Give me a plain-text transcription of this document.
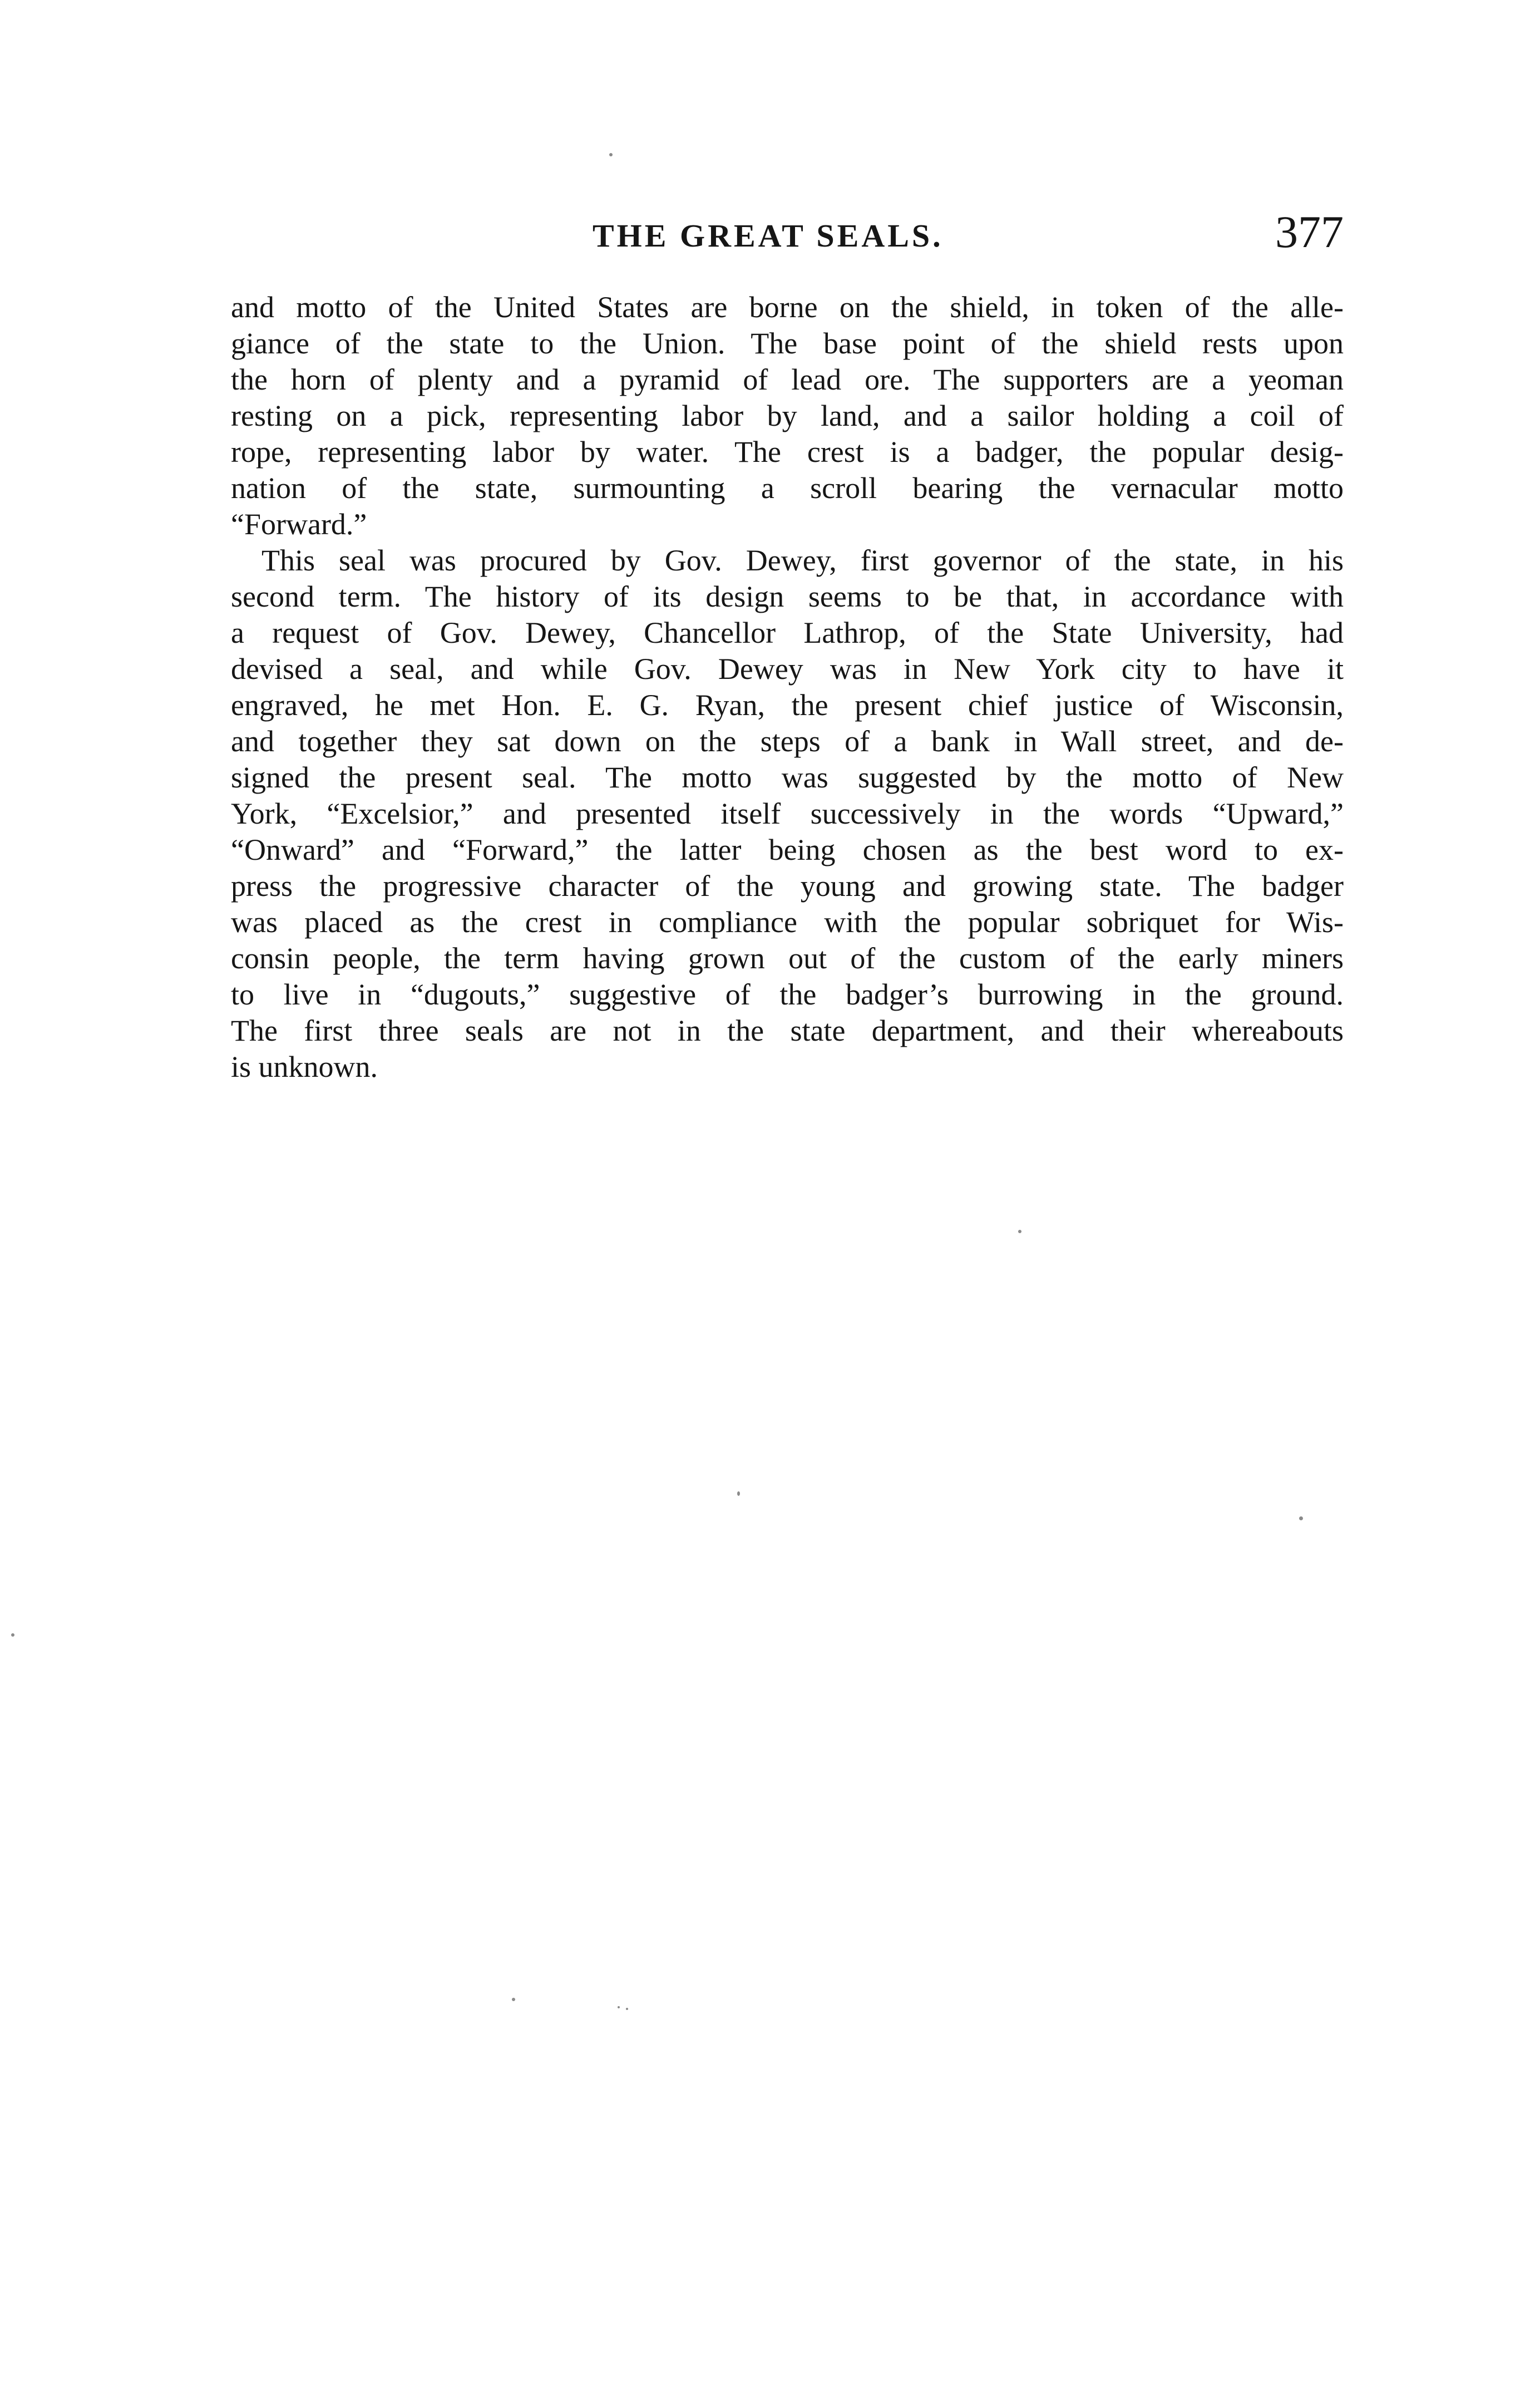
THE GREAT SEALS.	377
and motto of the United States are borne on the shield, in token of the alle-
giance of the state to the Union. The base point of the shield rests upon
the horn of plenty and a pyramid of lead ore. The supporters are a yeoman
resting on a pick, representing labor by land, and a sailor holding a coil of
rope, representing labor by water. The crest is a badger, the popular desig-
nation of the state, surmounting a scroll bearing the vernacular motto
“Forward.”
This seal was procured by Gov. Dewey, first governor of the state, in his
second term. The history of its design seems to be that, in accordance with
a request of Gov. Dewey, Chancellor Lathrop, of the State University, had
devised a seal, and while Gov. Dewey was in New York city to have it
engraved, he met Hon. E. G. Ryan, the present chief justice of Wisconsin,
and together they sat down on the steps of a bank in Wall street, and de-
signed the present seal. The motto was suggested by the motto of New
York, “Excelsior,” and presented itself successively in the words “Upward,”
“Onward” and “Forward,” the latter being chosen as the best word to ex-
press the progressive character of the young and growing state. The badger
was placed as the crest in compliance with the popular sobriquet for Wis-
consin people, the term having grown out of the custom of the early miners
to live in “dugouts,” suggestive of the badger’s burrowing in the ground.
The first three seals are not in the state department, and their whereabouts
is unknown.
